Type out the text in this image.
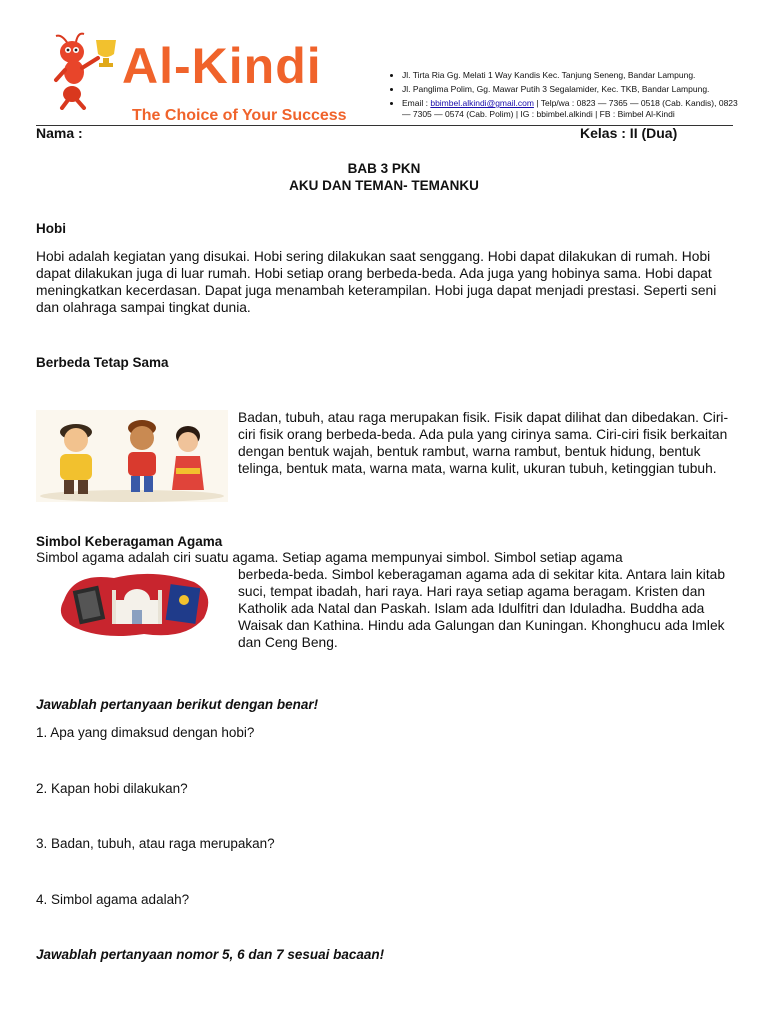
Al-Kindi
The Choice of Your Success
• Jl. Tirta Ria Gg. Melati 1 Way Kandis Kec. Tanjung Seneng, Bandar Lampung.
• Jl. Panglima Polim, Gg. Mawar Putih 3 Segalamider, Kec. TKB, Bandar Lampung.
• Email : bbimbel.alkindi@gmail.com | Telp/wa : 0823 — 7365 — 0518 (Cab. Kandis), 0823 — 7305 — 0574 (Cab. Polim) | IG : bbimbel.alkindi | FB : Bimbel Al-Kindi
Nama :	Kelas : II (Dua)
BAB 3 PKN
AKU DAN TEMAN- TEMANKU
Hobi
Hobi adalah kegiatan yang disukai. Hobi sering dilakukan saat senggang. Hobi dapat dilakukan di rumah. Hobi dapat dilakukan juga di luar rumah. Hobi setiap orang berbeda-beda. Ada juga yang hobinya sama. Hobi dapat meningkatkan kecerdasan. Dapat juga menambah keterampilan. Hobi juga dapat menjadi prestasi. Seperti seni dan olahraga sampai tingkat dunia.
Berbeda Tetap Sama
Badan, tubuh, atau raga merupakan fisik. Fisik dapat dilihat dan dibedakan. Ciri-ciri fisik orang berbeda-beda. Ada pula yang cirinya sama. Ciri-ciri fisik berkaitan dengan bentuk wajah, bentuk rambut, warna rambut, bentuk hidung, bentuk telinga, bentuk mata, warna mata, warna kulit, ukuran tubuh, ketinggian tubuh.
Simbol Keberagaman Agama
Simbol agama adalah ciri suatu agama. Setiap agama mempunyai simbol. Simbol setiap agama
berbeda-beda. Simbol keberagaman agama ada di sekitar kita. Antara lain kitab suci, tempat ibadah, hari raya. Hari raya setiap agama beragam. Kristen dan Katholik ada Natal dan Paskah. Islam ada Idulfitri dan Iduladha. Buddha ada Waisak dan Kathina. Hindu ada Galungan dan Kuningan. Khonghucu ada Imlek dan Ceng Beng.
Jawablah pertanyaan berikut dengan benar!
1. Apa yang dimaksud dengan hobi?
2. Kapan hobi dilakukan?
3. Badan, tubuh, atau raga merupakan?
4. Simbol agama adalah?
Jawablah pertanyaan nomor 5, 6 dan 7 sesuai bacaan!
